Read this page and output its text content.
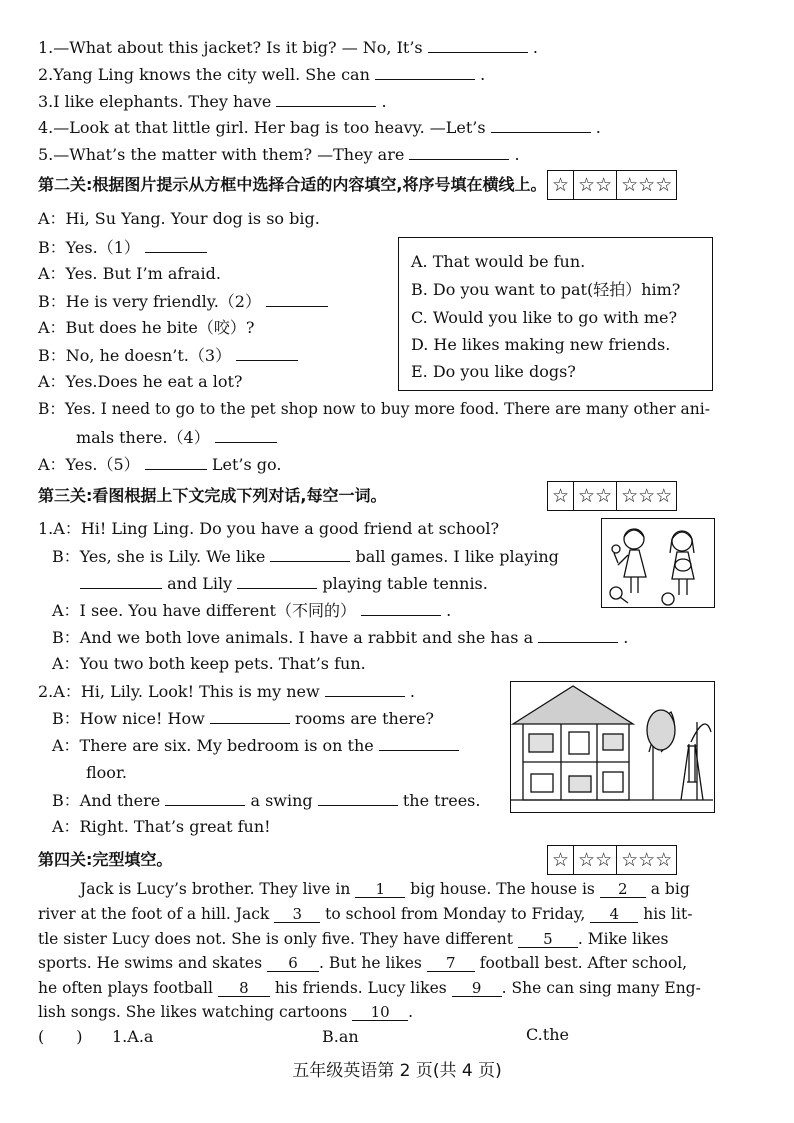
1.—What about this jacket? Is it big? — No, It’s	.
2.Yang Ling knows the city well. She can	.
3.I like elephants. They have	.
4.—Look at that little girl. Her bag is too heavy. —Let’s	.
5.—What’s the matter with them? —They are	.
第二关:根据图片提示从方框中选择合适的内容填空,将序号填在横线上。 ☆ ☆☆ ☆☆☆
A：Hi, Su Yang. Your dog is so big.
B：Yes.（1）
A：Yes. But I’m afraid.
B：He is very friendly.（2）
A：But does he bite（咬）?
B：No, he doesn’t.（3）
A：Yes.Does he eat a lot?
B：Yes. I need to go to the pet shop now to buy more food. There are many other ani-
mals there.（4）
A：Yes.（5）	Let’s go.
A. That would be fun.
B. Do you want to pat(轻拍）him?
C. Would you like to go with me?
D. He likes making new friends.
E. Do you like dogs?
第三关:看图根据上下文完成下列对话,每空一词。	☆ ☆☆ ☆☆☆
1.A：Hi! Ling Ling. Do you have a good friend at school?
B：Yes, she is Lily. We like	ball games. I like playing
and Lily	playing table tennis.
A：I see. You have different（不同的）	.
B：And we both love animals. I have a rabbit and she has a	.
A：You two both keep pets. That’s fun.
2.A：Hi, Lily. Look! This is my new	.
B：How nice! How	rooms are there?
A：There are six. My bedroom is on the
floor.
B：And there	a swing	the trees.
A：Right. That’s great fun!
第四关:完型填空。	☆ ☆☆ ☆☆☆
Jack is Lucy’s brother. They live in 1 big house. The house is 2 a big
river at the foot of a hill. Jack 3 to school from Monday to Friday, 4 his lit-
tle sister Lucy does not. She is only five. They have different 5 . Mike likes
sports. He swims and skates 6 . But he likes 7 football best. After school,
he often plays football 8 his friends. Lucy likes 9 . She can sing many Eng-
lish songs. She likes watching cartoons 10 .
(　　) 1.A.a	B.an	C.the
五年级英语第 2 页(共 4 页)
